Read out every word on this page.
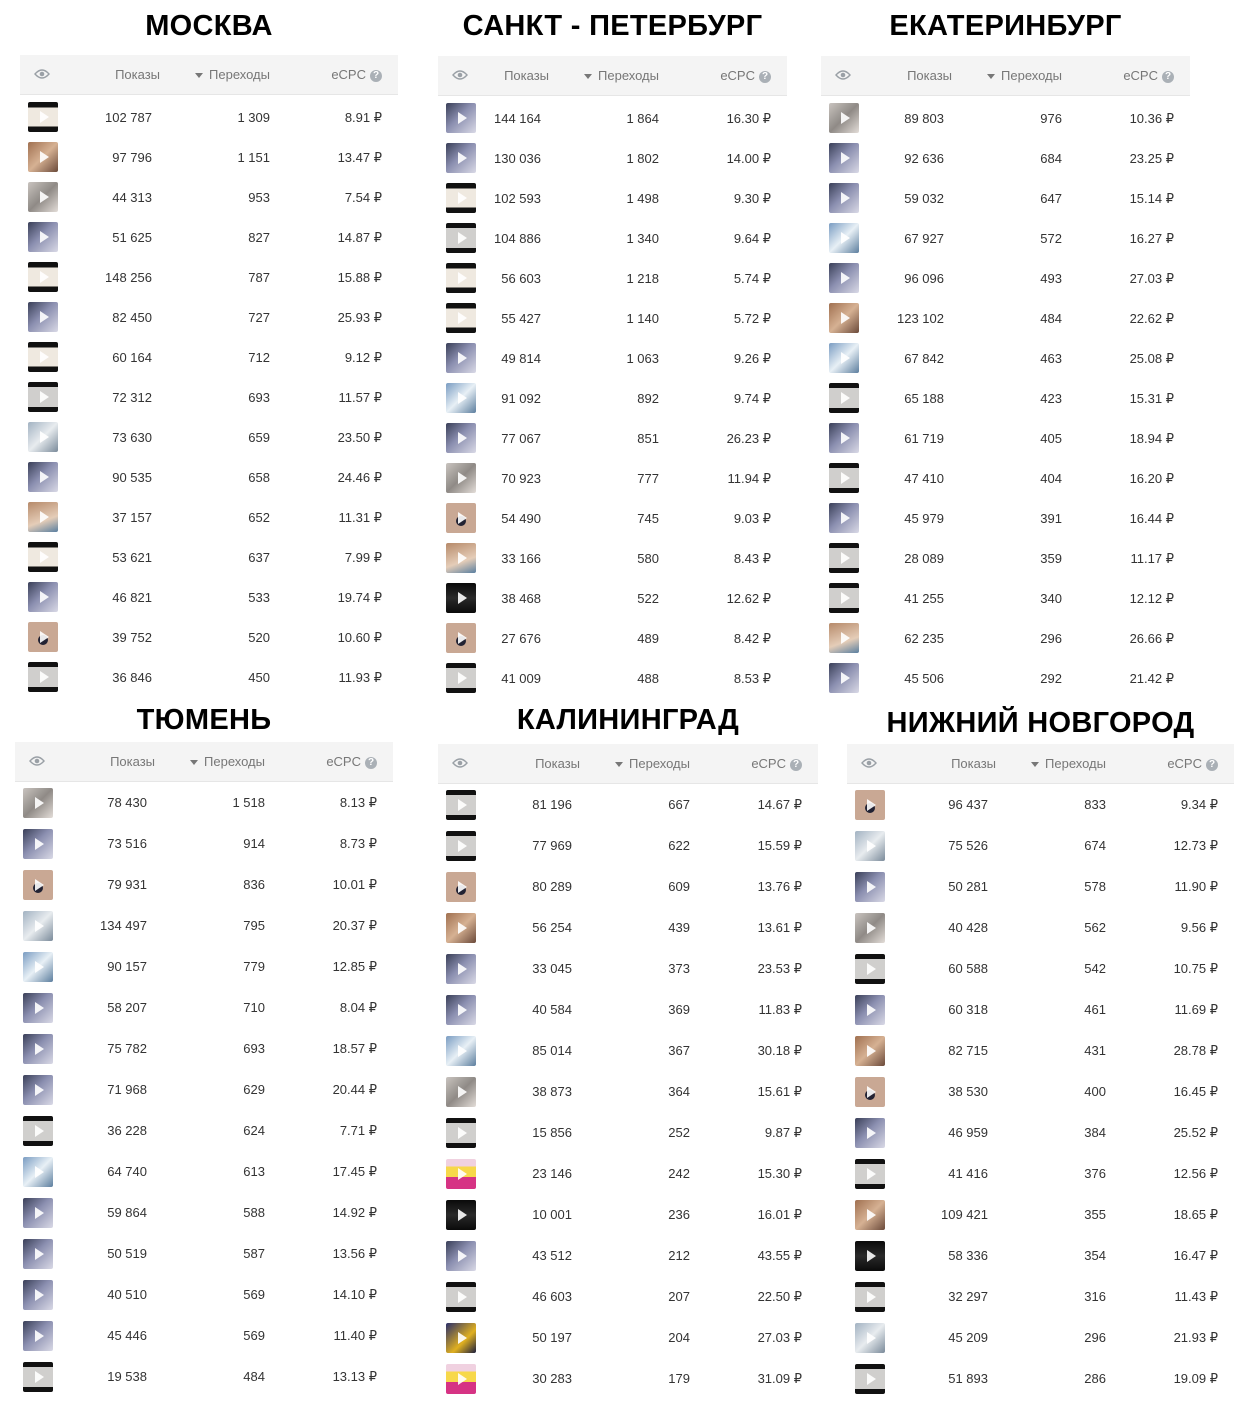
МОСКВА
Показы	Переходы	eCPC ?
102 787	1 309	8.91 ₽
97 796	1 151	13.47 ₽
44 313	953	7.54 ₽
51 625	827	14.87 ₽
148 256	787	15.88 ₽
82 450	727	25.93 ₽
60 164	712	9.12 ₽
72 312	693	11.57 ₽
73 630	659	23.50 ₽
90 535	658	24.46 ₽
37 157	652	11.31 ₽
53 621	637	7.99 ₽
46 821	533	19.74 ₽
39 752	520	10.60 ₽
36 846	450	11.93 ₽
САНКТ - ПЕТЕРБУРГ
Показы	Переходы	eCPC ?
144 164	1 864	16.30 ₽
130 036	1 802	14.00 ₽
102 593	1 498	9.30 ₽
104 886	1 340	9.64 ₽
56 603	1 218	5.74 ₽
55 427	1 140	5.72 ₽
49 814	1 063	9.26 ₽
91 092	892	9.74 ₽
77 067	851	26.23 ₽
70 923	777	11.94 ₽
54 490	745	9.03 ₽
33 166	580	8.43 ₽
38 468	522	12.62 ₽
27 676	489	8.42 ₽
41 009	488	8.53 ₽
ЕКАТЕРИНБУРГ
Показы	Переходы	eCPC ?
89 803	976	10.36 ₽
92 636	684	23.25 ₽
59 032	647	15.14 ₽
67 927	572	16.27 ₽
96 096	493	27.03 ₽
123 102	484	22.62 ₽
67 842	463	25.08 ₽
65 188	423	15.31 ₽
61 719	405	18.94 ₽
47 410	404	16.20 ₽
45 979	391	16.44 ₽
28 089	359	11.17 ₽
41 255	340	12.12 ₽
62 235	296	26.66 ₽
45 506	292	21.42 ₽
ТЮМЕНЬ
Показы	Переходы	eCPC ?
78 430	1 518	8.13 ₽
73 516	914	8.73 ₽
79 931	836	10.01 ₽
134 497	795	20.37 ₽
90 157	779	12.85 ₽
58 207	710	8.04 ₽
75 782	693	18.57 ₽
71 968	629	20.44 ₽
36 228	624	7.71 ₽
64 740	613	17.45 ₽
59 864	588	14.92 ₽
50 519	587	13.56 ₽
40 510	569	14.10 ₽
45 446	569	11.40 ₽
19 538	484	13.13 ₽
КАЛИНИНГРАД
Показы	Переходы	eCPC ?
81 196	667	14.67 ₽
77 969	622	15.59 ₽
80 289	609	13.76 ₽
56 254	439	13.61 ₽
33 045	373	23.53 ₽
40 584	369	11.83 ₽
85 014	367	30.18 ₽
38 873	364	15.61 ₽
15 856	252	9.87 ₽
23 146	242	15.30 ₽
10 001	236	16.01 ₽
43 512	212	43.55 ₽
46 603	207	22.50 ₽
50 197	204	27.03 ₽
30 283	179	31.09 ₽
НИЖНИЙ НОВГОРОД
Показы	Переходы	eCPC ?
96 437	833	9.34 ₽
75 526	674	12.73 ₽
50 281	578	11.90 ₽
40 428	562	9.56 ₽
60 588	542	10.75 ₽
60 318	461	11.69 ₽
82 715	431	28.78 ₽
38 530	400	16.45 ₽
46 959	384	25.52 ₽
41 416	376	12.56 ₽
109 421	355	18.65 ₽
58 336	354	16.47 ₽
32 297	316	11.43 ₽
45 209	296	21.93 ₽
51 893	286	19.09 ₽
